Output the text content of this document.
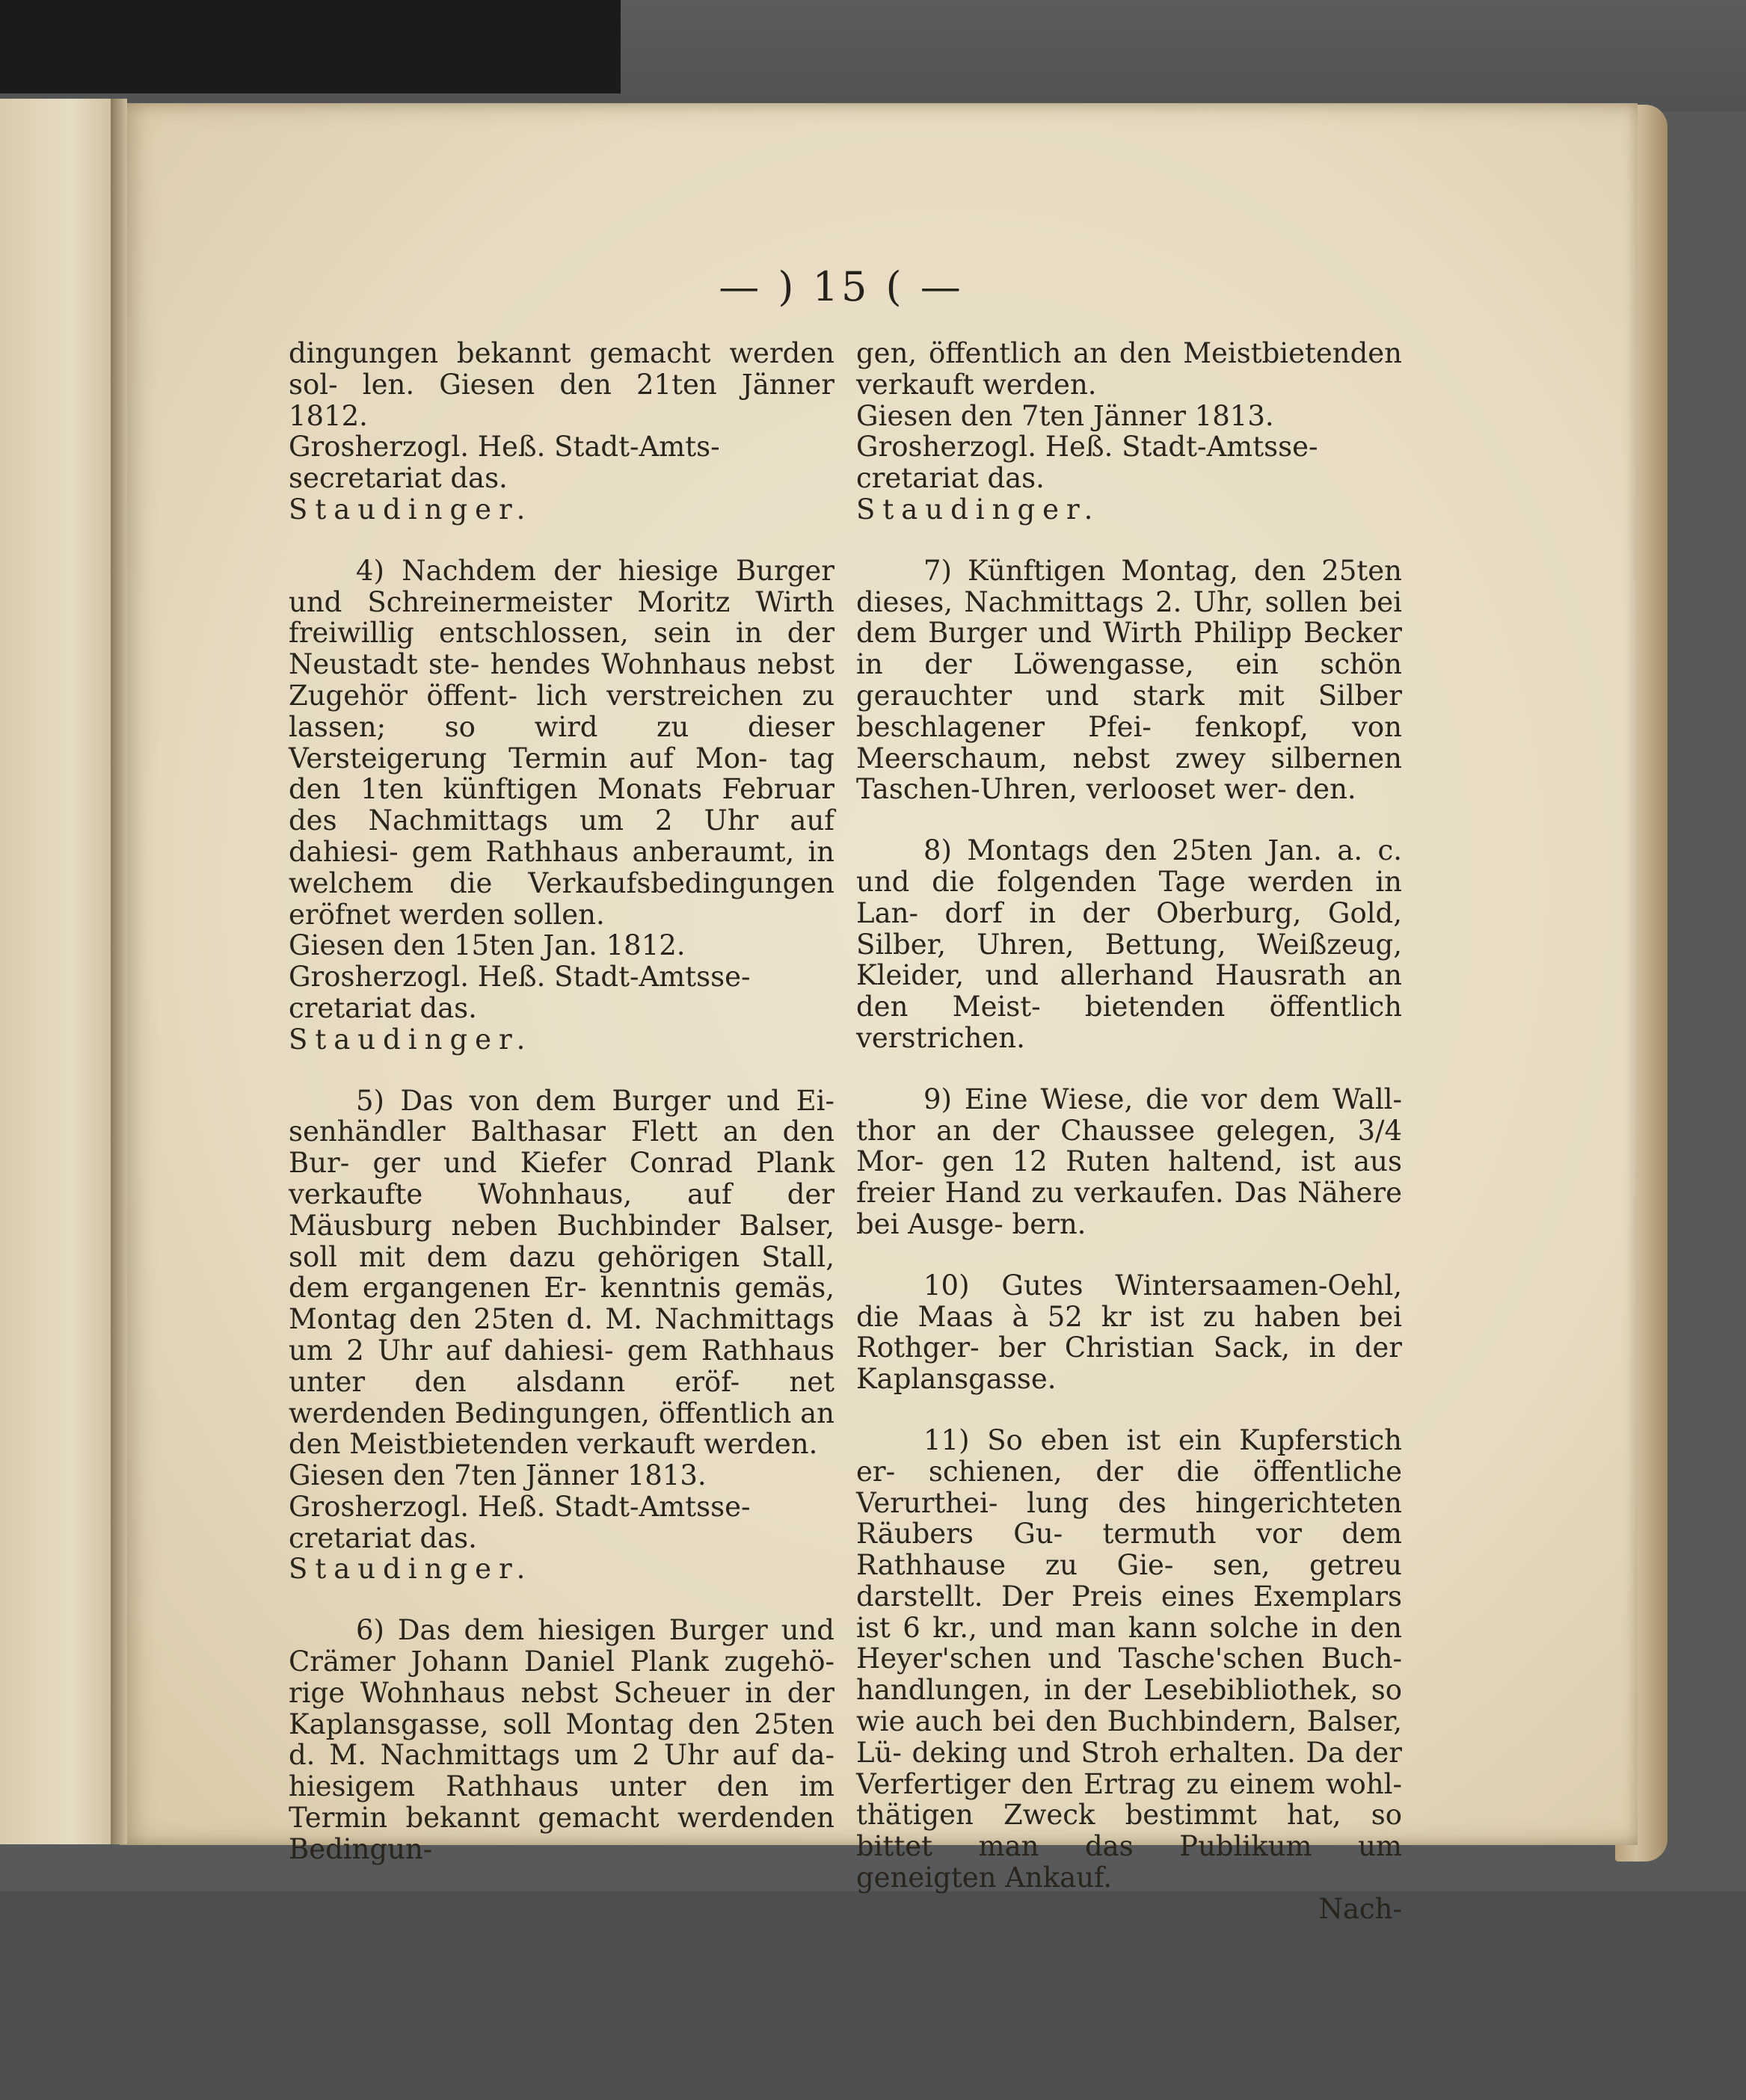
— ) 15 ( —

dingungen bekannt gemacht werden sol- len. Giesen den 21ten Jänner 1812.

Grosherzogl. Heß. Stadt-Amts-

secretariat das.

Staudinger.

4) Nachdem der hiesige Burger und Schreinermeister Moritz Wirth freiwillig entschlossen, sein in der Neustadt ste- hendes Wohnhaus nebst Zugehör öffent- lich verstreichen zu lassen; so wird zu dieser Versteigerung Termin auf Mon- tag den 1ten künftigen Monats Februar des Nachmittags um 2 Uhr auf dahiesi- gem Rathhaus anberaumt, in welchem die Verkaufsbedingungen eröfnet werden sollen.

Giesen den 15ten Jan. 1812.

Grosherzogl. Heß. Stadt-Amtsse-

cretariat das.

Staudinger.

5) Das von dem Burger und Ei- senhändler Balthasar Flett an den Bur- ger und Kiefer Conrad Plank verkaufte Wohnhaus, auf der Mäusburg neben Buchbinder Balser, soll mit dem dazu gehörigen Stall, dem ergangenen Er- kenntnis gemäs, Montag den 25ten d. M. Nachmittags um 2 Uhr auf dahiesi- gem Rathhaus unter den alsdann eröf- net werdenden Bedingungen, öffentlich an den Meistbietenden verkauft werden.

Giesen den 7ten Jänner 1813.

Grosherzogl. Heß. Stadt-Amtsse-

cretariat das.

Staudinger.

6) Das dem hiesigen Burger und Crämer Johann Daniel Plank zugehö- rige Wohnhaus nebst Scheuer in der Kaplansgasse, soll Montag den 25ten d. M. Nachmittags um 2 Uhr auf da- hiesigem Rathhaus unter den im Termin bekannt gemacht werdenden Bedingun-

gen, öffentlich an den Meistbietenden verkauft werden.

Giesen den 7ten Jänner 1813.

Grosherzogl. Heß. Stadt-Amtsse-

cretariat das.

Staudinger.

7) Künftigen Montag, den 25ten dieses, Nachmittags 2. Uhr, sollen bei dem Burger und Wirth Philipp Becker in der Löwengasse, ein schön gerauchter und stark mit Silber beschlagener Pfei- fenkopf, von Meerschaum, nebst zwey silbernen Taschen-Uhren, verlooset wer- den.

8) Montags den 25ten Jan. a. c. und die folgenden Tage werden in Lan- dorf in der Oberburg, Gold, Silber, Uhren, Bettung, Weißzeug, Kleider, und allerhand Hausrath an den Meist- bietenden öffentlich verstrichen.

9) Eine Wiese, die vor dem Wall- thor an der Chaussee gelegen, 3/4 Mor- gen 12 Ruten haltend, ist aus freier Hand zu verkaufen. Das Nähere bei Ausge- bern.

10) Gutes Wintersaamen-Oehl, die Maas à 52 kr ist zu haben bei Rothger- ber Christian Sack, in der Kaplansgasse.

11) So eben ist ein Kupferstich er- schienen, der die öffentliche Verurthei- lung des hingerichteten Räubers Gu- termuth vor dem Rathhause zu Gie- sen, getreu darstellt. Der Preis eines Exemplars ist 6 kr., und man kann solche in den Heyer'schen und Tasche'schen Buch- handlungen, in der Lesebibliothek, so wie auch bei den Buchbindern, Balser, Lü- deking und Stroh erhalten. Da der Verfertiger den Ertrag zu einem wohl- thätigen Zweck bestimmt hat, so bittet man das Publikum um geneigten Ankauf.

Nach-
